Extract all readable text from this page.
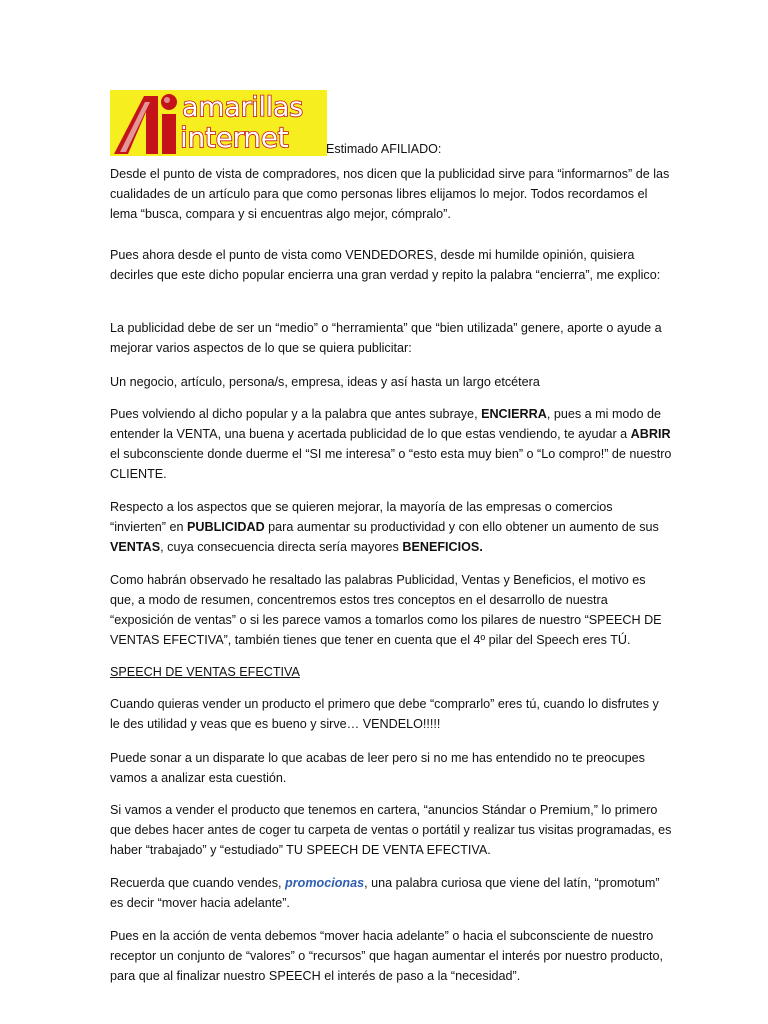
amarillas
internet	Estimado AFILIADO:

Desde el punto de vista de compradores, nos dicen que la publicidad sirve para “informarnos” de las cualidades de un artículo para que como personas libres elijamos lo mejor. Todos recordamos el lema “busca, compara y si encuentras algo mejor, cómpralo”.

Pues ahora desde el punto de vista como VENDEDORES, desde mi humilde opinión, quisiera decirles que este dicho popular encierra una gran verdad y repito la palabra “encierra”, me explico:

La publicidad debe de ser un “medio” o “herramienta” que “bien utilizada” genere, aporte o ayude a mejorar varios aspectos de lo que se quiera publicitar:

Un negocio, artículo, persona/s, empresa, ideas y así hasta un largo etcétera

Pues volviendo al dicho popular y a la palabra que antes subraye, ENCIERRA, pues a mi modo de entender la VENTA, una buena y acertada publicidad de lo que estas vendiendo, te ayudar a ABRIR el subconsciente donde duerme el “SI me interesa” o “esto esta muy bien” o “Lo compro!” de nuestro CLIENTE.

Respecto a los aspectos que se quieren mejorar, la mayoría de las empresas o comercios “invierten” en PUBLICIDAD para aumentar su productividad y con ello obtener un aumento de sus VENTAS, cuya consecuencia directa sería mayores BENEFICIOS.

Como habrán observado he resaltado las palabras Publicidad, Ventas y Beneficios, el motivo es que, a modo de resumen, concentremos estos tres conceptos en el desarrollo de nuestra “exposición de ventas” o si les parece vamos a tomarlos como los pilares de nuestro “SPEECH DE VENTAS EFECTIVA”, también tienes que tener en cuenta que el 4º pilar del Speech eres TÚ.

SPEECH DE VENTAS EFECTIVA

Cuando quieras vender un producto el primero que debe “comprarlo” eres tú, cuando lo disfrutes y le des utilidad y veas que es bueno y sirve… VENDELO!!!!!

Puede sonar a un disparate lo que acabas de leer pero si no me has entendido no te preocupes vamos a analizar esta cuestión.

Si vamos a vender el producto que tenemos en cartera, “anuncios Stándar o Premium,” lo primero que debes hacer antes de coger tu carpeta de ventas o portátil y realizar tus visitas programadas, es haber “trabajado” y “estudiado” TU SPEECH DE VENTA EFECTIVA.

Recuerda que cuando vendes, promocionas, una palabra curiosa que viene del latín, “promotum” es decir “mover hacia adelante”.

Pues en la acción de venta debemos “mover hacia adelante” o hacia el subconsciente de nuestro receptor un conjunto de “valores” o “recursos” que hagan aumentar el interés por nuestro producto, para que al finalizar nuestro SPEECH el interés de paso a la “necesidad”.
